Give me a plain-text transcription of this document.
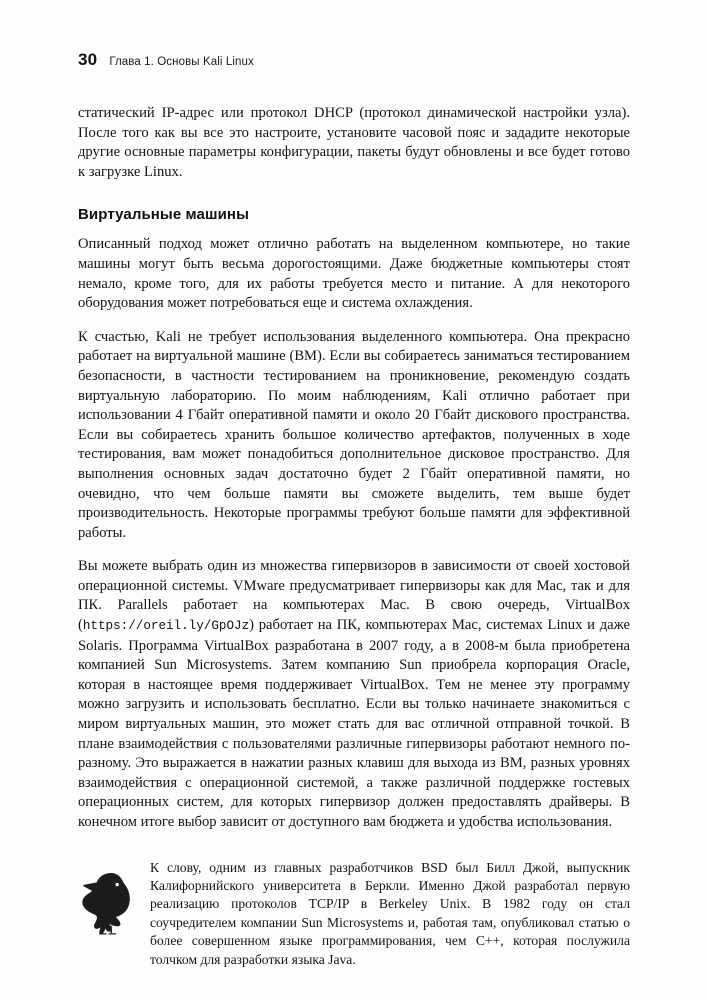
30 Глава 1. Основы Kali Linux

статический IP-адрес или протокол DHCP (протокол динамической настройки узла). После того как вы все это настроите, установите часовой пояс и зададите некоторые другие основные параметры конфигурации, пакеты будут обновлены и все будет готово к загрузке Linux.

Виртуальные машины

Описанный подход может отлично работать на выделенном компьютере, но такие машины могут быть весьма дорогостоящими. Даже бюджетные компьютеры стоят немало, кроме того, для их работы требуется место и питание. А для некоторого оборудования может потребоваться еще и система охлаждения.

К счастью, Kali не требует использования выделенного компьютера. Она прекрасно работает на виртуальной машине (ВМ). Если вы собираетесь заниматься тестированием безопасности, в частности тестированием на проникновение, рекомендую создать виртуальную лабораторию. По моим наблюдениям, Kali отлично работает при использовании 4 Гбайт оперативной памяти и около 20 Гбайт дискового пространства. Если вы собираетесь хранить большое количество артефактов, полученных в ходе тестирования, вам может понадобиться дополнительное дисковое пространство. Для выполнения основных задач достаточно будет 2 Гбайт оперативной памяти, но очевидно, что чем больше памяти вы сможете выделить, тем выше будет производительность. Некоторые программы требуют больше памяти для эффективной работы.

Вы можете выбрать один из множества гипервизоров в зависимости от своей хостовой операционной системы. VMware предусматривает гипервизоры как для Mac, так и для ПК. Parallels работает на компьютерах Mac. В свою очередь, VirtualBox (https://oreil.ly/GpOJz) работает на ПК, компьютерах Mac, системах Linux и даже Solaris. Программа VirtualBox разработана в 2007 году, а в 2008-м была приобретена компанией Sun Microsystems. Затем компанию Sun приобрела корпорация Oracle, которая в настоящее время поддерживает VirtualBox. Тем не менее эту программу можно загрузить и использовать бесплатно. Если вы только начинаете знакомиться с миром виртуальных машин, это может стать для вас отличной отправной точкой. В плане взаимодействия с пользователями различные гипервизоры работают немного по-разному. Это выражается в нажатии разных клавиш для выхода из ВМ, разных уровнях взаимодействия с операционной системой, а также различной поддержке гостевых операционных систем, для которых гипервизор должен предоставлять драйверы. В конечном итоге выбор зависит от доступного вам бюджета и удобства использования.

К слову, одним из главных разработчиков BSD был Билл Джой, выпускник Калифорнийского университета в Беркли. Именно Джой разработал первую реализацию протоколов TCP/IP в Berkeley Unix. В 1982 году он стал соучредителем компании Sun Microsystems и, работая там, опубликовал статью о более совершенном языке программирования, чем C++, которая послужила толчком для разработки языка Java.
